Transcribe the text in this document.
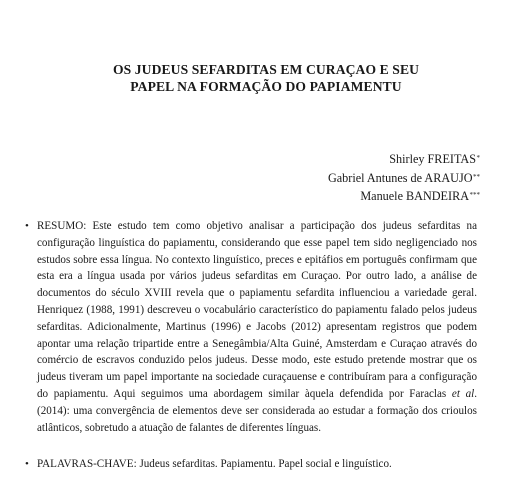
OS JUDEUS SEFARDITAS EM CURAÇAO E SEU
PAPEL NA FORMAÇÃO DO PAPIAMENTU
Shirley FREITAS*
Gabriel Antunes de ARAUJO**
Manuele BANDEIRA***
• RESUMO: Este estudo tem como objetivo analisar a participação dos judeus sefarditas na configuração linguística do papiamentu, considerando que esse papel tem sido negligenciado nos estudos sobre essa língua. No contexto linguístico, preces e epitáfios em português confirmam que esta era a língua usada por vários judeus sefarditas em Curaçao. Por outro lado, a análise de documentos do século XVIII revela que o papiamentu sefardita influenciou a variedade geral. Henriquez (1988, 1991) descreveu o vocabulário característico do papiamentu falado pelos judeus sefarditas. Adicionalmente, Martinus (1996) e Jacobs (2012) apresentam registros que podem apontar uma relação tripartide entre a Senegâmbia/Alta Guiné, Amsterdam e Curaçao através do comércio de escravos conduzido pelos judeus. Desse modo, este estudo pretende mostrar que os judeus tiveram um papel importante na sociedade curaçauense e contribuíram para a configuração do papiamentu. Aqui seguimos uma abordagem similar àquela defendida por Faraclas et al. (2014): uma convergência de elementos deve ser considerada ao estudar a formação dos crioulos atlânticos, sobretudo a atuação de falantes de diferentes línguas.

• PALAVRAS-CHAVE: Judeus sefarditas. Papiamentu. Papel social e linguístico.
